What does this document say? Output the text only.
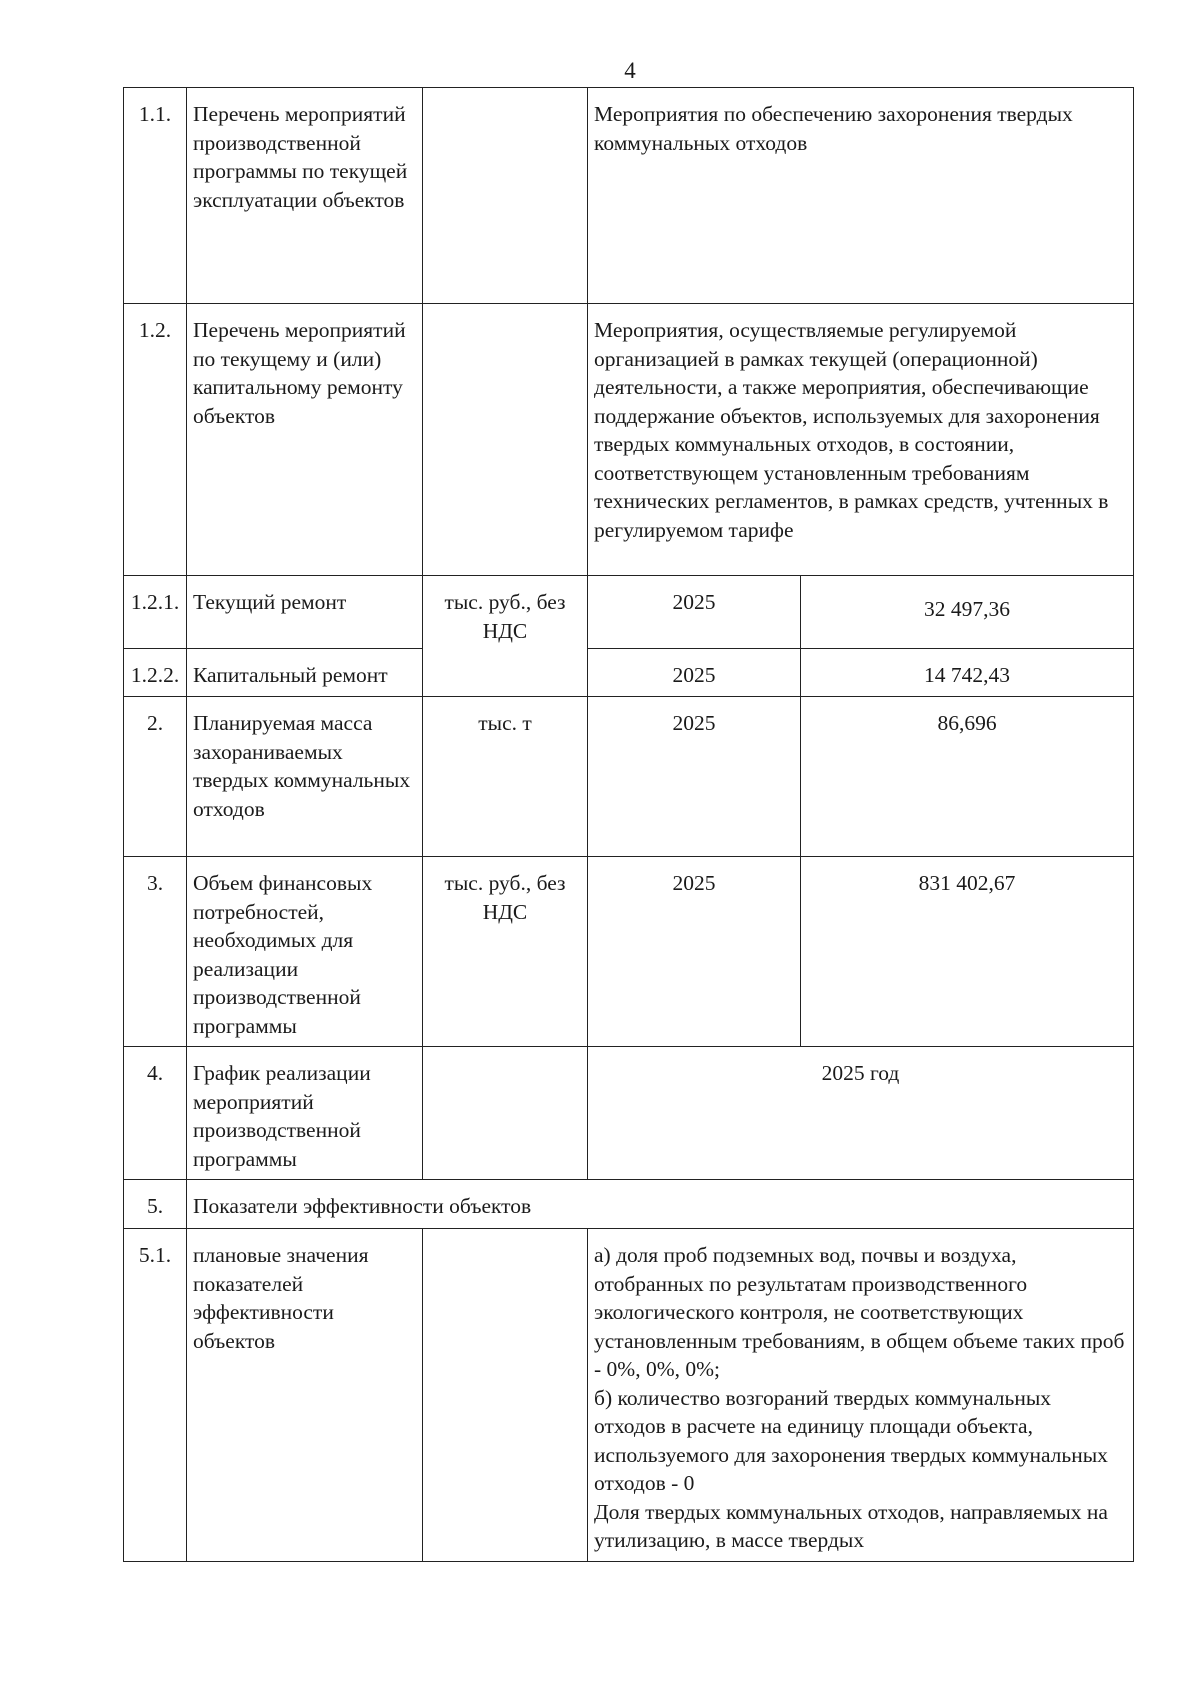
4
1.1.	Перечень мероприятий производственной программы по текущей эксплуатации объектов		Мероприятия по обеспечению захоронения твердых коммунальных отходов	
1.2.	Перечень мероприятий по текущему и (или) капитальному ремонту объектов		Мероприятия, осуществляемые регулируемой организацией в рамках текущей (операционной) деятельности, а также мероприятия, обеспечивающие поддержание объектов, используемых для захоронения твердых коммунальных отходов, в состоянии, соответствующем установленным требованиям технических регламентов, в рамках средств, учтенных в регулируемом тарифе	
1.2.1.	Текущий ремонт	тыс. руб., без НДС	2025	32 497,36
1.2.2.	Капитальный ремонт		2025	14 742,43
2.	Планируемая масса захораниваемых твердых коммунальных отходов	тыс. т	2025	86,696
3.	Объем финансовых потребностей, необходимых для реализации производственной программы	тыс. руб., без НДС	2025	831 402,67
4.	График реализации мероприятий производственной программы		2025 год	
5.	Показатели эффективности объектов			
5.1.	плановые значения показателей эффективности объектов		а) доля проб подземных вод, почвы и воздуха, отобранных по результатам производственного экологического контроля, не соответствующих установленным требованиям, в общем объеме таких проб - 0%, 0%, 0%;
б) количество возгораний твердых коммунальных отходов в расчете на единицу площади объекта, используемого для захоронения твердых коммунальных отходов - 0
Доля твердых коммунальных отходов, направляемых на утилизацию, в массе твердых	
